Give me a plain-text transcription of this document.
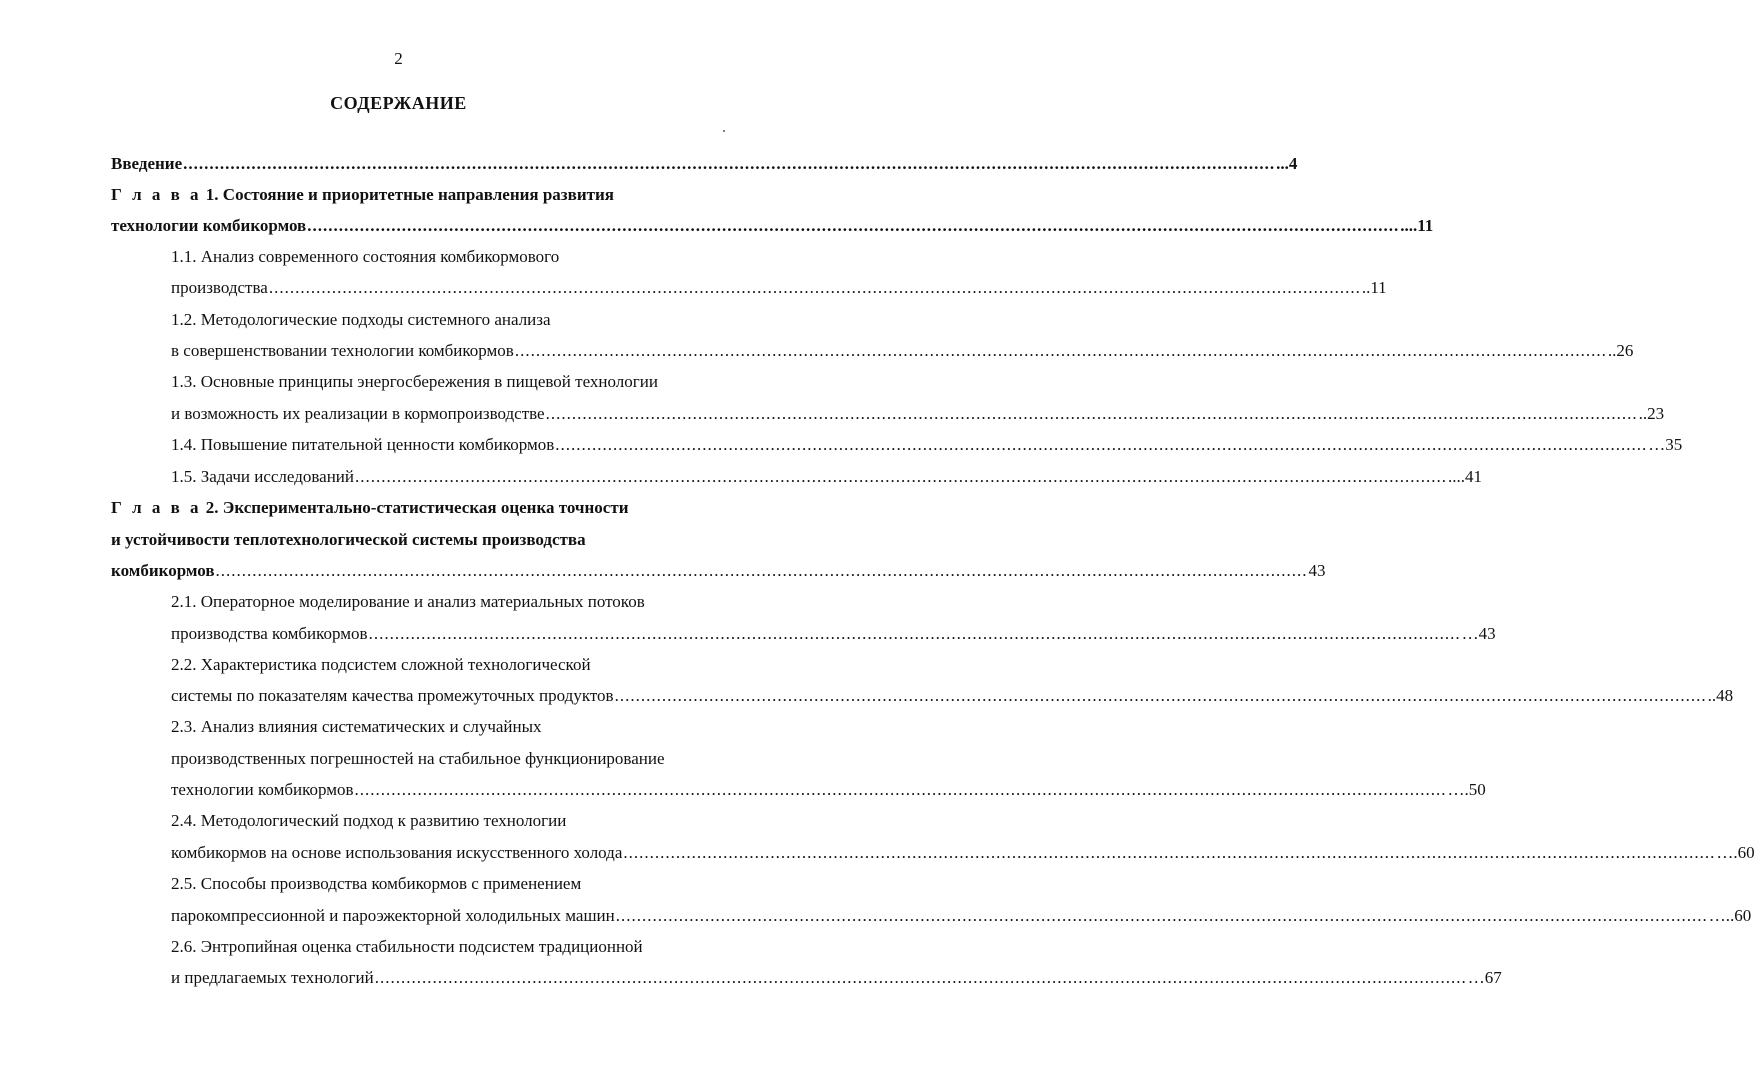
2
СОДЕРЖАНИЕ
Введение ................................................................................................................................................................................................................ ...4
Г л а в а 1. Состояние и приоритетные направления развития
технологии комбикормов ................................................................................................................................................................................................................ ....11
1.1. Анализ современного состояния комбикормового
производства ................................................................................................................................................................................................................ ..11
1.2. Методологические подходы системного анализа
в совершенствовании технологии комбикормов ................................................................................................................................................................................................................ ..26
1.3. Основные принципы энергосбережения в пищевой технологии
и возможность их реализации в кормопроизводстве ................................................................................................................................................................................................................ ..23
1.4. Повышение питательной ценности комбикормов ................................................................................................................................................................................................................ …35
1.5. Задачи исследований ................................................................................................................................................................................................................ ....41
Г л а в а 2. Экспериментально-статистическая оценка точности
и устойчивости теплотехнологической системы производства
комбикормов ................................................................................................................................................................................................................ 43
2.1. Операторное моделирование и анализ материальных потоков
производства комбикормов ................................................................................................................................................................................................................ …43
2.2. Характеристика подсистем сложной технологической
системы по показателям качества промежуточных продуктов ................................................................................................................................................................................................................ ..48
2.3. Анализ влияния систематических и случайных
производственных погрешностей на стабильное функционирование
технологии комбикормов ................................................................................................................................................................................................................ ….50
2.4. Методологический подход к развитию технологии
комбикормов на основе использования искусственного холода ................................................................................................................................................................................................................ ….60
2.5. Способы производства комбикормов с применением
парокомпрессионной и пароэжекторной холодильных машин ................................................................................................................................................................................................................ …..60
2.6. Энтропийная оценка стабильности подсистем традиционной
и предлагаемых технологий ................................................................................................................................................................................................................ …67
